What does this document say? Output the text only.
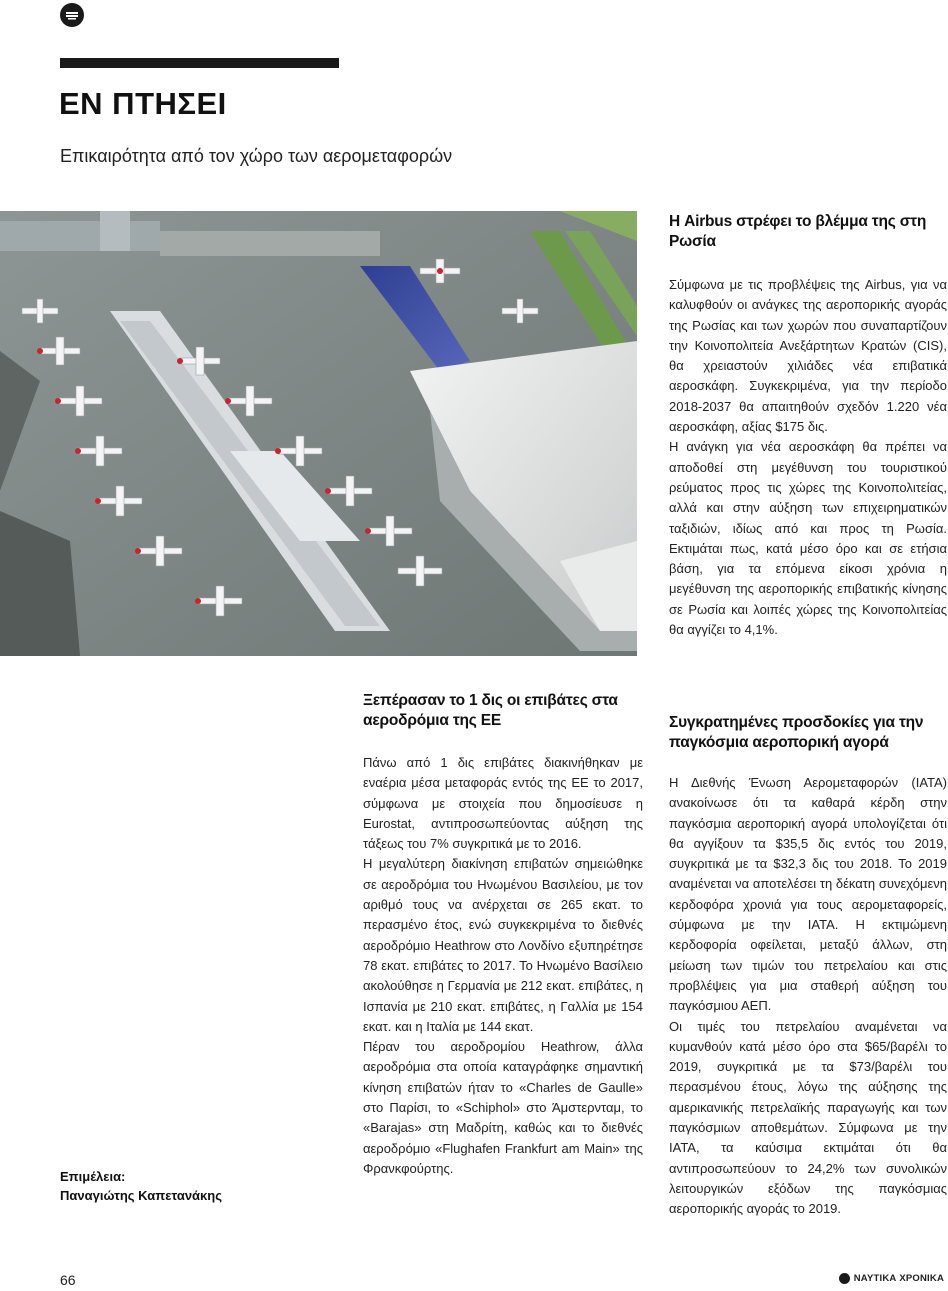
ΕΝ ΠΤΗΣΕΙ
Επικαιρότητα από τον χώρο των αερομεταφορών
Ξεπέρασαν το 1 δις οι επιβάτες στα αεροδρόμια της ΕΕ

Πάνω από 1 δις επιβάτες διακινήθηκαν με εναέρια μέσα μεταφοράς εντός της ΕΕ το 2017, σύμφωνα με στοιχεία που δημοσίευσε η Eurostat, αντιπροσωπεύοντας αύξηση της τάξεως του 7% συγκριτικά με το 2016.

Η μεγαλύτερη διακίνηση επιβατών σημειώθηκε σε αεροδρόμια του Ηνωμένου Βασιλείου, με τον αριθμό τους να ανέρχεται σε 265 εκατ. το περασμένο έτος, ενώ συγκεκριμένα το διεθνές αεροδρόμιο Heathrow στο Λονδίνο εξυπηρέτησε 78 εκατ. επιβάτες το 2017. Το Ηνωμένο Βασίλειο ακολούθησε η Γερμανία με 212 εκατ. επιβάτες, η Ισπανία με 210 εκατ. επιβάτες, η Γαλλία με 154 εκατ. και η Ιταλία με 144 εκατ.

Πέραν του αεροδρομίου Heathrow, άλλα αεροδρόμια στα οποία καταγράφηκε σημαντική κίνηση επιβατών ήταν το «Charles de Gaulle» στο Παρίσι, το «Schiphol» στο Άμστερνταμ, το «Barajas» στη Μαδρίτη, καθώς και το διεθνές αεροδρόμιο «Flughafen Frankfurt am Main» της Φρανκφούρτης.

Η Airbus στρέφει το βλέμμα της στη Ρωσία

Σύμφωνα με τις προβλέψεις της Airbus, για να καλυφθούν οι ανάγκες της αεροπορικής αγοράς της Ρωσίας και των χωρών που συναπαρτίζουν την Κοινοπολιτεία Ανεξάρτητων Κρατών (CIS), θα χρειαστούν χιλιάδες νέα επιβατικά αεροσκάφη. Συγκεκριμένα, για την περίοδο 2018-2037 θα απαιτηθούν σχεδόν 1.220 νέα αεροσκάφη, αξίας $175 δις.

Η ανάγκη για νέα αεροσκάφη θα πρέπει να αποδοθεί στη μεγέθυνση του τουριστικού ρεύματος προς τις χώρες της Κοινοπολιτείας, αλλά και στην αύξηση των επιχειρηματικών ταξιδιών, ιδίως από και προς τη Ρωσία. Εκτιμάται πως, κατά μέσο όρο και σε ετήσια βάση, για τα επόμενα είκοσι χρόνια η μεγέθυνση της αεροπορικής επιβατικής κίνησης σε Ρωσία και λοιπές χώρες της Κοινοπολιτείας θα αγγίζει το 4,1%.

Συγκρατημένες προσδοκίες για την παγκόσμια αεροπορική αγορά

Η Διεθνής Ένωση Αερομεταφορών (IATA) ανακοίνωσε ότι τα καθαρά κέρδη στην παγκόσμια αεροπορική αγορά υπολογίζεται ότι θα αγγίξουν τα $35,5 δις εντός του 2019, συγκριτικά με τα $32,3 δις του 2018. Το 2019 αναμένεται να αποτελέσει τη δέκατη συνεχόμενη κερδοφόρα χρονιά για τους αερομεταφορείς, σύμφωνα με την IATA. Η εκτιμώμενη κερδοφορία οφείλεται, μεταξύ άλλων, στη μείωση των τιμών του πετρελαίου και στις προβλέψεις για μια σταθερή αύξηση του παγκόσμιου ΑΕΠ.

Οι τιμές του πετρελαίου αναμένεται να κυμανθούν κατά μέσο όρο στα $65/βαρέλι το 2019, συγκριτικά με τα $73/βαρέλι του περασμένου έτους, λόγω της αύξησης της αμερικανικής πετρελαϊκής παραγωγής και των παγκόσμιων αποθεμάτων. Σύμφωνα με την IATA, τα καύσιμα εκτιμάται ότι θα αντιπροσωπεύουν το 24,2% των συνολικών λειτουργικών εξόδων της παγκόσμιας αεροπορικής αγοράς το 2019.

Επιμέλεια:
Παναγιώτης Καπετανάκης
66	ΝΑΥΤΙΚΑ ΧΡΟΝΙΚΑ
